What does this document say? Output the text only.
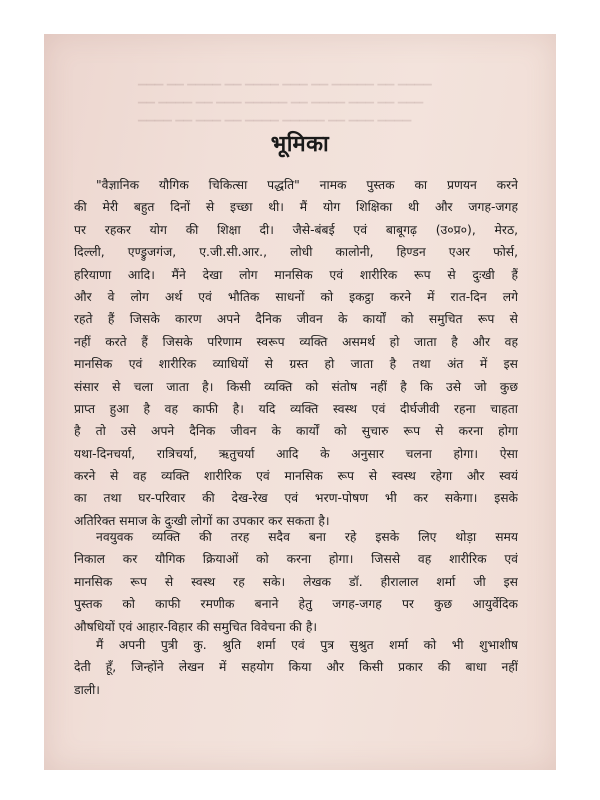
▔▔▔ ▔▔ ▔▔▔▔ ▔▔ ▔▔▔▔ ▔▔▔ ▔▔ ▔▔▔▔▔ ▔▔ ▔▔▔▔
▔▔ ▔▔▔▔ ▔▔ ▔▔▔ ▔▔▔▔▔ ▔▔ ▔▔▔▔ ▔▔▔ ▔▔ ▔▔▔
▔▔▔▔ ▔▔ ▔▔▔ ▔▔ ▔▔▔▔ ▔▔▔▔▔ ▔▔ ▔▔▔ ▔▔▔▔
भूमिका
"वैज्ञानिक यौगिक चिकित्सा पद्धति" नामक पुस्तक का प्रणयन करने
की मेरी बहुत दिनों से इच्छा थी। मैं योग शिक्षिका थी और जगह-जगह
पर रहकर योग की शिक्षा दी। जैसे-बंबई एवं बाबूगढ़ (उ०प्र०), मेरठ,
दिल्ली, एण्ड्रुजगंज, ए.जी.सी.आर., लोधी कालोनी, हिण्डन एअर फोर्स,
हरियाणा आदि। मैंने देखा लोग मानसिक एवं शारीरिक रूप से दुःखी हैं
और वे लोग अर्थ एवं भौतिक साधनों को इकट्ठा करने में रात-दिन लगे
रहते हैं जिसके कारण अपने दैनिक जीवन के कार्यों को समुचित रूप से
नहीं करते हैं जिसके परिणाम स्वरूप व्यक्ति असमर्थ हो जाता है और वह
मानसिक एवं शारीरिक व्याधियों से ग्रस्त हो जाता है तथा अंत में इस
संसार से चला जाता है। किसी व्यक्ति को संतोष नहीं है कि उसे जो कुछ
प्राप्त हुआ है वह काफी है। यदि व्यक्ति स्वस्थ एवं दीर्घजीवी रहना चाहता
है तो उसे अपने दैनिक जीवन के कार्यों को सुचारु रूप से करना होगा
यथा-दिनचर्या, रात्रिचर्या, ऋतुचर्या आदि के अनुसार चलना होगा। ऐसा
करने से वह व्यक्ति शारीरिक एवं मानसिक रूप से स्वस्थ रहेगा और स्वयं
का तथा घर-परिवार की देख-रेख एवं भरण-पोषण भी कर सकेगा। इसके
अतिरिक्त समाज के दुःखी लोगों का उपकार कर सकता है।
नवयुवक व्यक्ति की तरह सदैव बना रहे इसके लिए थोड़ा समय
निकाल कर यौगिक क्रियाओं को करना होगा। जिससे वह शारीरिक एवं
मानसिक रूप से स्वस्थ रह सके। लेखक डॉ. हीरालाल शर्मा जी इस
पुस्तक को काफी रमणीक बनाने हेतु जगह-जगह पर कुछ आयुर्वेदिक
औषधियों एवं आहार-विहार की समुचित विवेचना की है।
मैं अपनी पुत्री कु. श्रुति शर्मा एवं पुत्र सुश्रुत शर्मा को भी शुभाशीष
देती हूँ, जिन्होंने लेखन में सहयोग किया और किसी प्रकार की बाधा नहीं
डाली।
